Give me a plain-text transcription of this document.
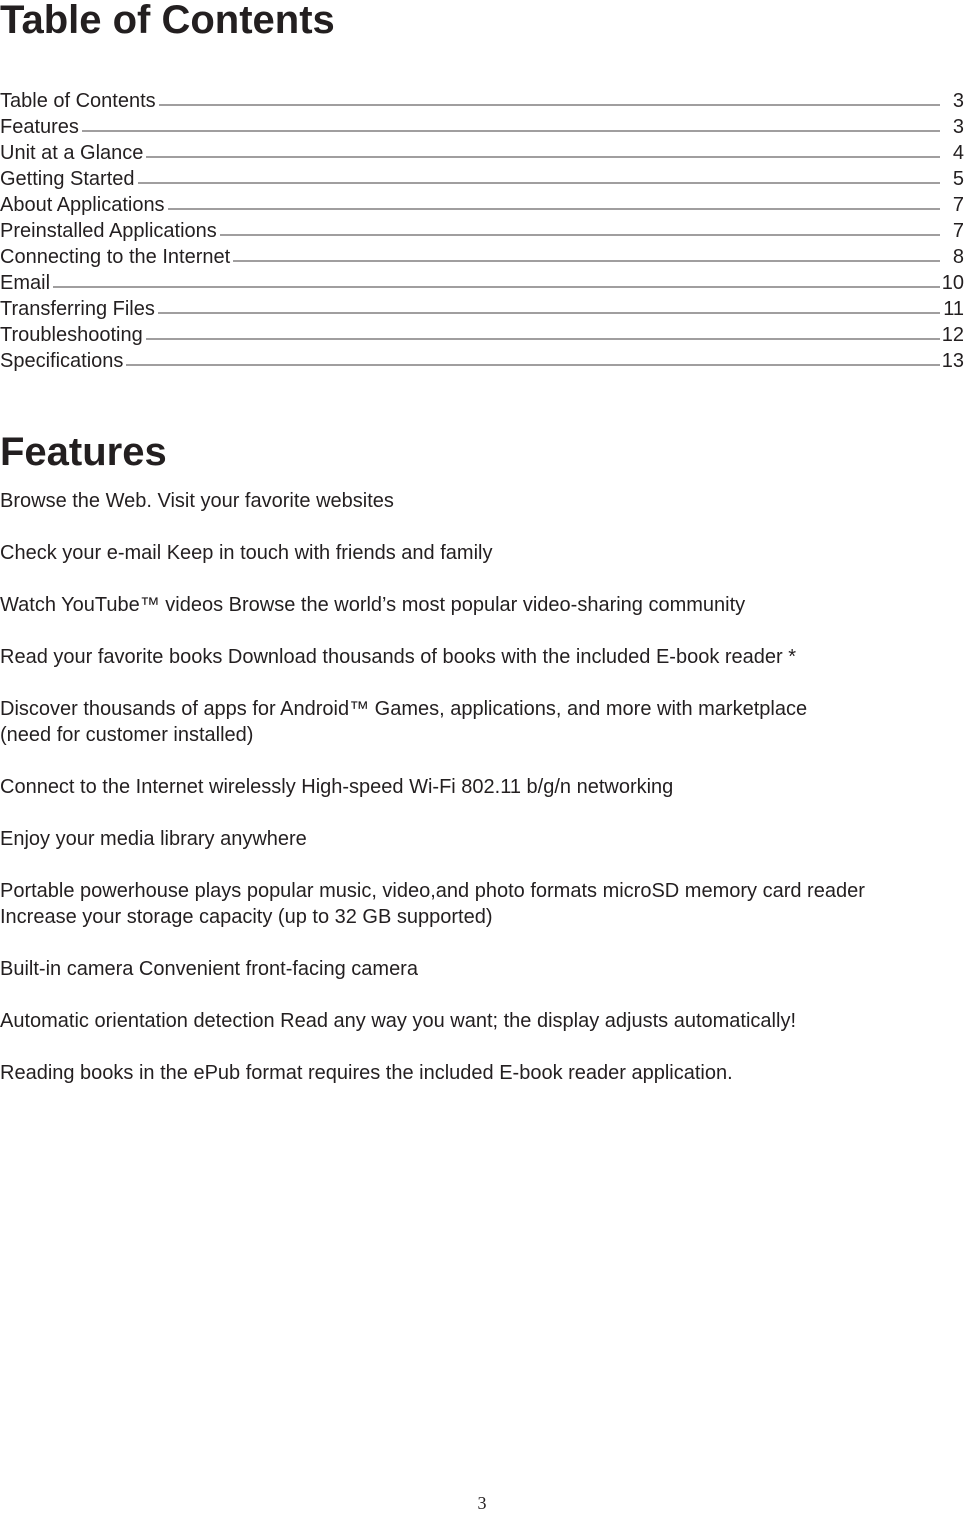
Table of Contents
Table of Contents	3
Features	3
Unit at a Glance	4
Getting Started	5
About Applications	7
Preinstalled Applications	7
Connecting to the Internet	8
Email	10
Transferring Files	11
Troubleshooting	12
Specifications	13
Features
Browse the Web. Visit your favorite websites
Check your e-mail Keep in touch with friends and family
Watch YouTube™ videos Browse the world’s most popular video-sharing community
Read your favorite books Download thousands of books with the included E-book reader *
Discover thousands of apps for Android™ Games, applications, and more with marketplace
(need for customer installed)
Connect to the Internet wirelessly High-speed Wi-Fi 802.11 b/g/n networking
Enjoy your media library anywhere
Portable powerhouse plays popular music, video,and photo formats microSD memory card reader
Increase your storage capacity (up to 32 GB supported)
Built-in camera Convenient front-facing camera
Automatic orientation detection Read any way you want; the display adjusts automatically!
Reading books in the ePub format requires the included E-book reader application.
3
